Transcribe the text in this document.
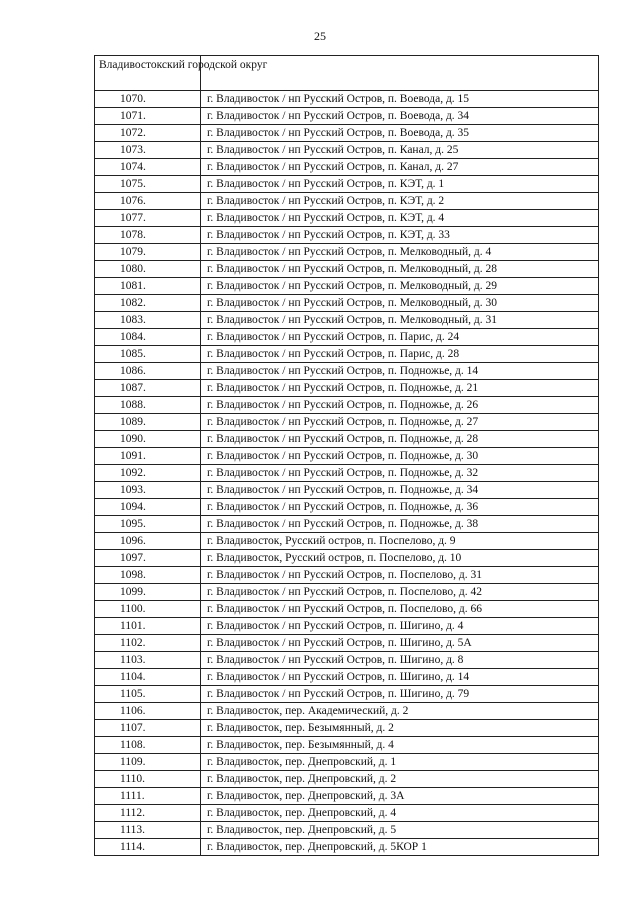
25
Владивостокский городской округ	
1070.	г. Владивосток / нп Русский Остров, п. Воевода, д. 15
1071.	г. Владивосток / нп Русский Остров, п. Воевода, д. 34
1072.	г. Владивосток / нп Русский Остров, п. Воевода, д. 35
1073.	г. Владивосток / нп Русский Остров, п. Канал, д. 25
1074.	г. Владивосток / нп Русский Остров, п. Канал, д. 27
1075.	г. Владивосток / нп Русский Остров, п. КЭТ, д. 1
1076.	г. Владивосток / нп Русский Остров, п. КЭТ, д. 2
1077.	г. Владивосток / нп Русский Остров, п. КЭТ, д. 4
1078.	г. Владивосток / нп Русский Остров, п. КЭТ, д. 33
1079.	г. Владивосток / нп Русский Остров, п. Мелководный, д. 4
1080.	г. Владивосток / нп Русский Остров, п. Мелководный, д. 28
1081.	г. Владивосток / нп Русский Остров, п. Мелководный, д. 29
1082.	г. Владивосток / нп Русский Остров, п. Мелководный, д. 30
1083.	г. Владивосток / нп Русский Остров, п. Мелководный, д. 31
1084.	г. Владивосток / нп Русский Остров, п. Парис, д. 24
1085.	г. Владивосток / нп Русский Остров, п. Парис, д. 28
1086.	г. Владивосток / нп Русский Остров, п. Подножье, д. 14
1087.	г. Владивосток / нп Русский Остров, п. Подножье, д. 21
1088.	г. Владивосток / нп Русский Остров, п. Подножье, д. 26
1089.	г. Владивосток / нп Русский Остров, п. Подножье, д. 27
1090.	г. Владивосток / нп Русский Остров, п. Подножье, д. 28
1091.	г. Владивосток / нп Русский Остров, п. Подножье, д. 30
1092.	г. Владивосток / нп Русский Остров, п. Подножье, д. 32
1093.	г. Владивосток / нп Русский Остров, п. Подножье, д. 34
1094.	г. Владивосток / нп Русский Остров, п. Подножье, д. 36
1095.	г. Владивосток / нп Русский Остров, п. Подножье, д. 38
1096.	г. Владивосток, Русский остров, п. Поспелово, д. 9
1097.	г. Владивосток, Русский остров, п. Поспелово, д. 10
1098.	г. Владивосток / нп Русский Остров, п. Поспелово, д. 31
1099.	г. Владивосток / нп Русский Остров, п. Поспелово, д. 42
1100.	г. Владивосток / нп Русский Остров, п. Поспелово, д. 66
1101.	г. Владивосток / нп Русский Остров, п. Шигино, д. 4
1102.	г. Владивосток / нп Русский Остров, п. Шигино, д. 5А
1103.	г. Владивосток / нп Русский Остров, п. Шигино, д. 8
1104.	г. Владивосток / нп Русский Остров, п. Шигино, д. 14
1105.	г. Владивосток / нп Русский Остров, п. Шигино, д. 79
1106.	г. Владивосток, пер. Академический, д. 2
1107.	г. Владивосток, пер. Безымянный, д. 2
1108.	г. Владивосток, пер. Безымянный, д. 4
1109.	г. Владивосток, пер. Днепровский, д. 1
1110.	г. Владивосток, пер. Днепровский, д. 2
1111.	г. Владивосток, пер. Днепровский, д. 3А
1112.	г. Владивосток, пер. Днепровский, д. 4
1113.	г. Владивосток, пер. Днепровский, д. 5
1114.	г. Владивосток, пер. Днепровский, д. 5КОР 1
